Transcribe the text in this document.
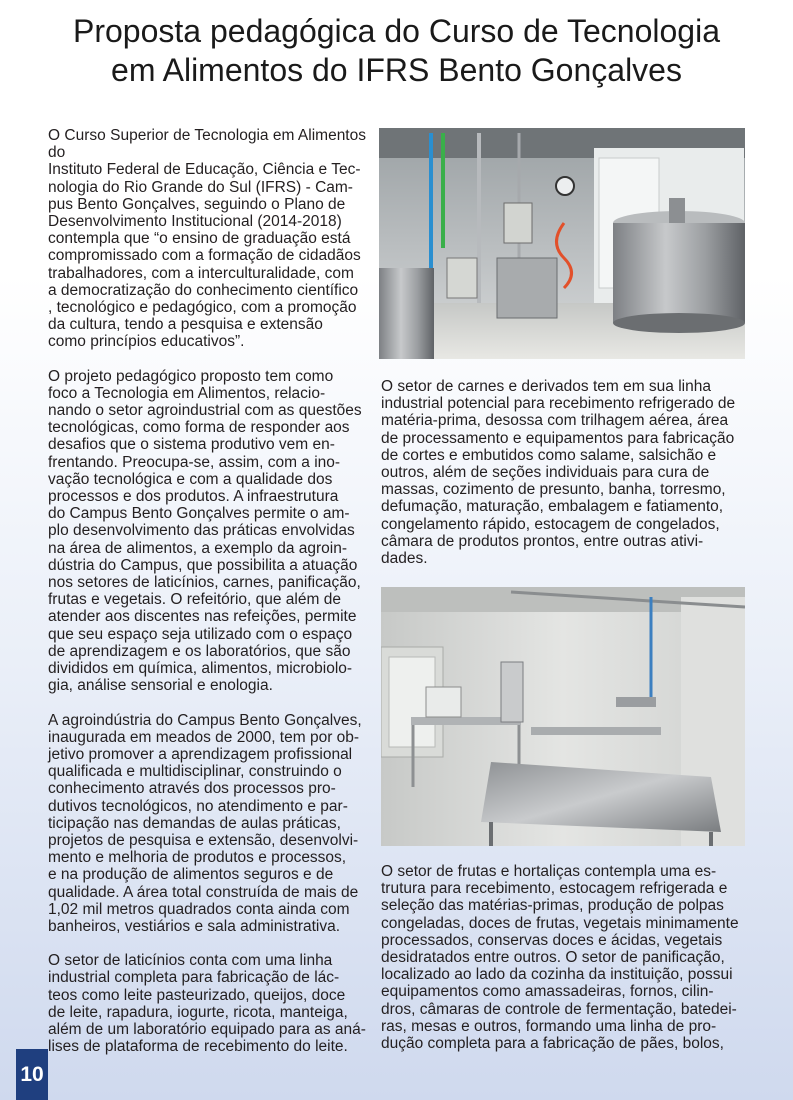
Proposta pedagógica do Curso de Tecnologia
em Alimentos do IFRS Bento Gonçalves

O Curso Superior de Tecnologia em Alimentos do
Instituto Federal de Educação, Ciência e Tec-
nologia do Rio Grande do Sul (IFRS) - Cam-
pus Bento Gonçalves, seguindo o Plano de
Desenvolvimento Institucional (2014-2018)
contempla que “o ensino de graduação está
compromissado com a formação de cidadãos
trabalhadores, com a interculturalidade, com
a democratização do conhecimento científico
, tecnológico e pedagógico, com a promoção
da cultura, tendo a pesquisa e extensão
como princípios educativos”.

O projeto pedagógico proposto tem como
foco a Tecnologia em Alimentos, relacio-
nando o setor agroindustrial com as questões
tecnológicas, como forma de responder aos
desafios que o sistema produtivo vem en-
frentando. Preocupa-se, assim, com a ino-
vação tecnológica e com a qualidade dos
processos e dos produtos. A infraestrutura
do Campus Bento Gonçalves permite o am-
plo desenvolvimento das práticas envolvidas
na área de alimentos, a exemplo da agroin-
dústria do Campus, que possibilita a atuação
nos setores de laticínios, carnes, panificação,
frutas e vegetais. O refeitório, que além de
atender aos discentes nas refeições, permite
que seu espaço seja utilizado com o espaço
de aprendizagem e os laboratórios, que são
divididos em química, alimentos, microbiolo-
gia, análise sensorial e enologia.

A agroindústria do Campus Bento Gonçalves,
inaugurada em meados de 2000, tem por ob-
jetivo promover a aprendizagem profissional
qualificada e multidisciplinar, construindo o
conhecimento através dos processos pro-
dutivos tecnológicos, no atendimento e par-
ticipação nas demandas de aulas práticas,
projetos de pesquisa e extensão, desenvolvi-
mento e melhoria de produtos e processos,
e na produção de alimentos seguros e de
qualidade. A área total construída de mais de
1,02 mil metros quadrados conta ainda com
banheiros, vestiários e sala administrativa.

O setor de laticínios conta com uma linha
industrial completa para fabricação de lác-
teos como leite pasteurizado, queijos, doce
de leite, rapadura, iogurte, ricota, manteiga,
além de um laboratório equipado para as aná-
lises de plataforma de recebimento do leite.

O setor de carnes e derivados tem em sua linha
industrial potencial para recebimento refrigerado de
matéria-prima, desossa com trilhagem aérea, área
de processamento e equipamentos para fabricação
de cortes e embutidos como salame, salsichão e
outros, além de seções individuais para cura de
massas, cozimento de presunto, banha, torresmo,
defumação, maturação, embalagem e fatiamento,
congelamento rápido, estocagem de congelados,
câmara de produtos prontos, entre outras ativi-
dades.

O setor de frutas e hortaliças contempla uma es-
trutura para recebimento, estocagem refrigerada e
seleção das matérias-primas, produção de polpas
congeladas, doces de frutas, vegetais minimamente
processados, conservas doces e ácidas, vegetais
desidratados entre outros. O setor de panificação,
localizado ao lado da cozinha da instituição, possui
equipamentos como amassadeiras, fornos, cilin-
dros, câmaras de controle de fermentação, batedei-
ras, mesas e outros, formando uma linha de pro-
dução completa para a fabricação de pães, bolos,

10
